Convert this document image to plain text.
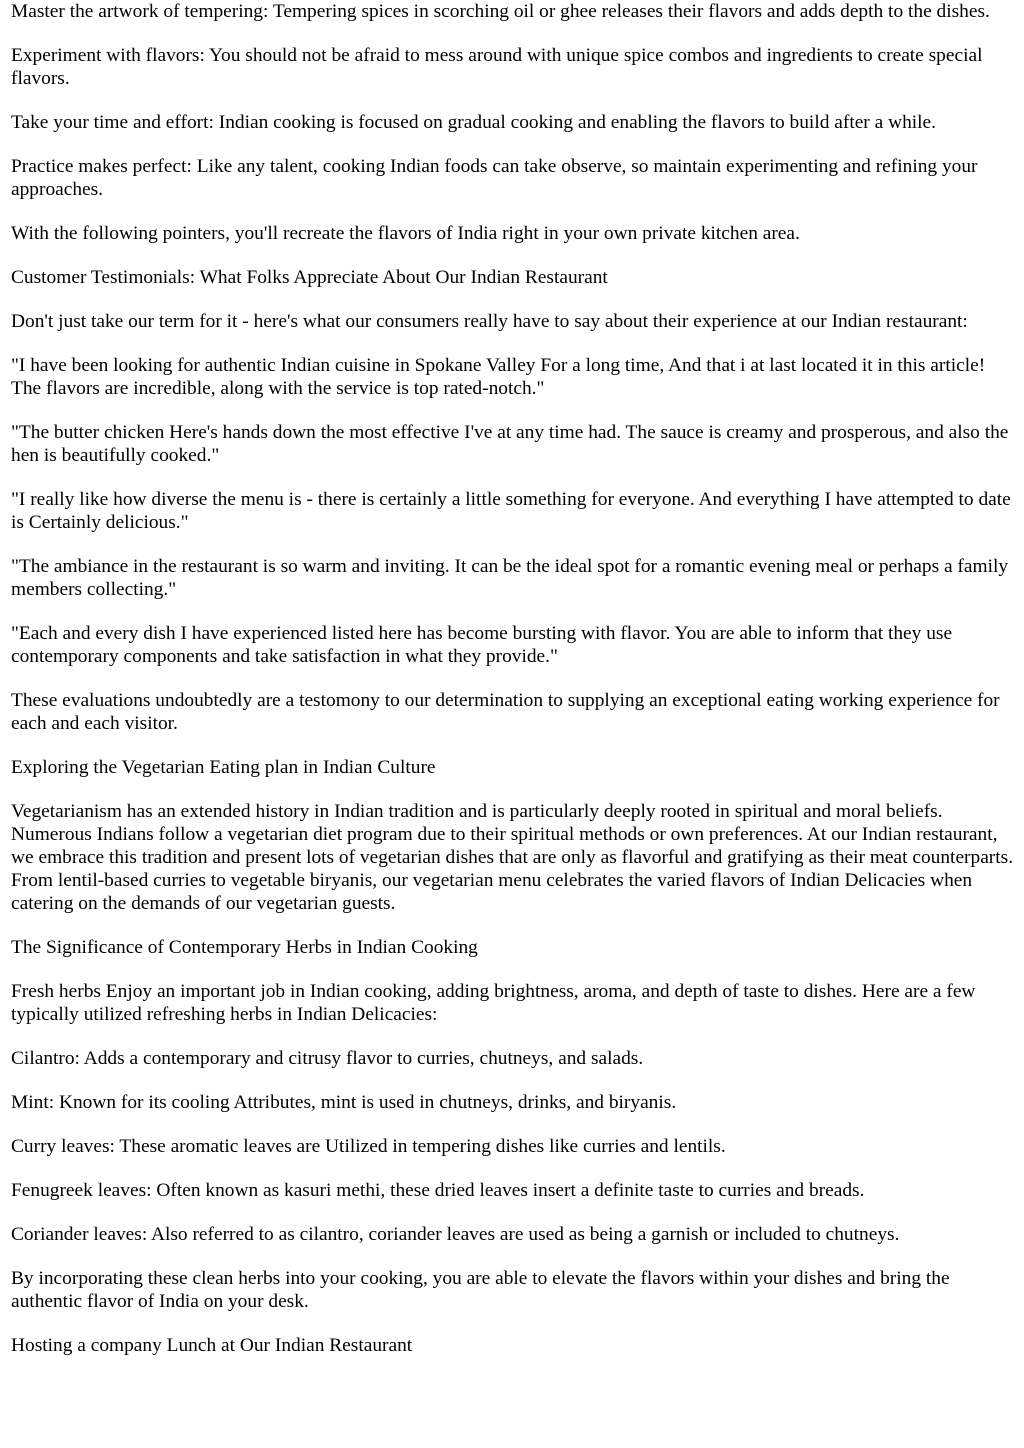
Master the artwork of tempering: Tempering spices in scorching oil or ghee releases their flavors and adds depth to the dishes.

Experiment with flavors: You should not be afraid to mess around with unique spice combos and ingredients to create special flavors.

Take your time and effort: Indian cooking is focused on gradual cooking and enabling the flavors to build after a while.

Practice makes perfect: Like any talent, cooking Indian foods can take observe, so maintain experimenting and refining your approaches.

With the following pointers, you'll recreate the flavors of India right in your own private kitchen area.

Customer Testimonials: What Folks Appreciate About Our Indian Restaurant

Don't just take our term for it - here's what our consumers really have to say about their experience at our Indian restaurant:

"I have been looking for authentic Indian cuisine in Spokane Valley For a long time, And that i at last located it in this article! The flavors are incredible, along with the service is top rated-notch."

"The butter chicken Here's hands down the most effective I've at any time had. The sauce is creamy and prosperous, and also the hen is beautifully cooked."

"I really like how diverse the menu is - there is certainly a little something for everyone. And everything I have attempted to date is Certainly delicious."

"The ambiance in the restaurant is so warm and inviting. It can be the ideal spot for a romantic evening meal or perhaps a family members collecting."

"Each and every dish I have experienced listed here has become bursting with flavor. You are able to inform that they use contemporary components and take satisfaction in what they provide."

These evaluations undoubtedly are a testomony to our determination to supplying an exceptional eating working experience for each and each visitor.

Exploring the Vegetarian Eating plan in Indian Culture

Vegetarianism has an extended history in Indian tradition and is particularly deeply rooted in spiritual and moral beliefs. Numerous Indians follow a vegetarian diet program due to their spiritual methods or own preferences. At our Indian restaurant, we embrace this tradition and present lots of vegetarian dishes that are only as flavorful and gratifying as their meat counterparts. From lentil-based curries to vegetable biryanis, our vegetarian menu celebrates the varied flavors of Indian Delicacies when catering on the demands of our vegetarian guests.

The Significance of Contemporary Herbs in Indian Cooking

Fresh herbs Enjoy an important job in Indian cooking, adding brightness, aroma, and depth of taste to dishes. Here are a few typically utilized refreshing herbs in Indian Delicacies:

Cilantro: Adds a contemporary and citrusy flavor to curries, chutneys, and salads.

Mint: Known for its cooling Attributes, mint is used in chutneys, drinks, and biryanis.

Curry leaves: These aromatic leaves are Utilized in tempering dishes like curries and lentils.

Fenugreek leaves: Often known as kasuri methi, these dried leaves insert a definite taste to curries and breads.

Coriander leaves: Also referred to as cilantro, coriander leaves are used as being a garnish or included to chutneys.

By incorporating these clean herbs into your cooking, you are able to elevate the flavors within your dishes and bring the authentic flavor of India on your desk.

Hosting a company Lunch at Our Indian Restaurant
